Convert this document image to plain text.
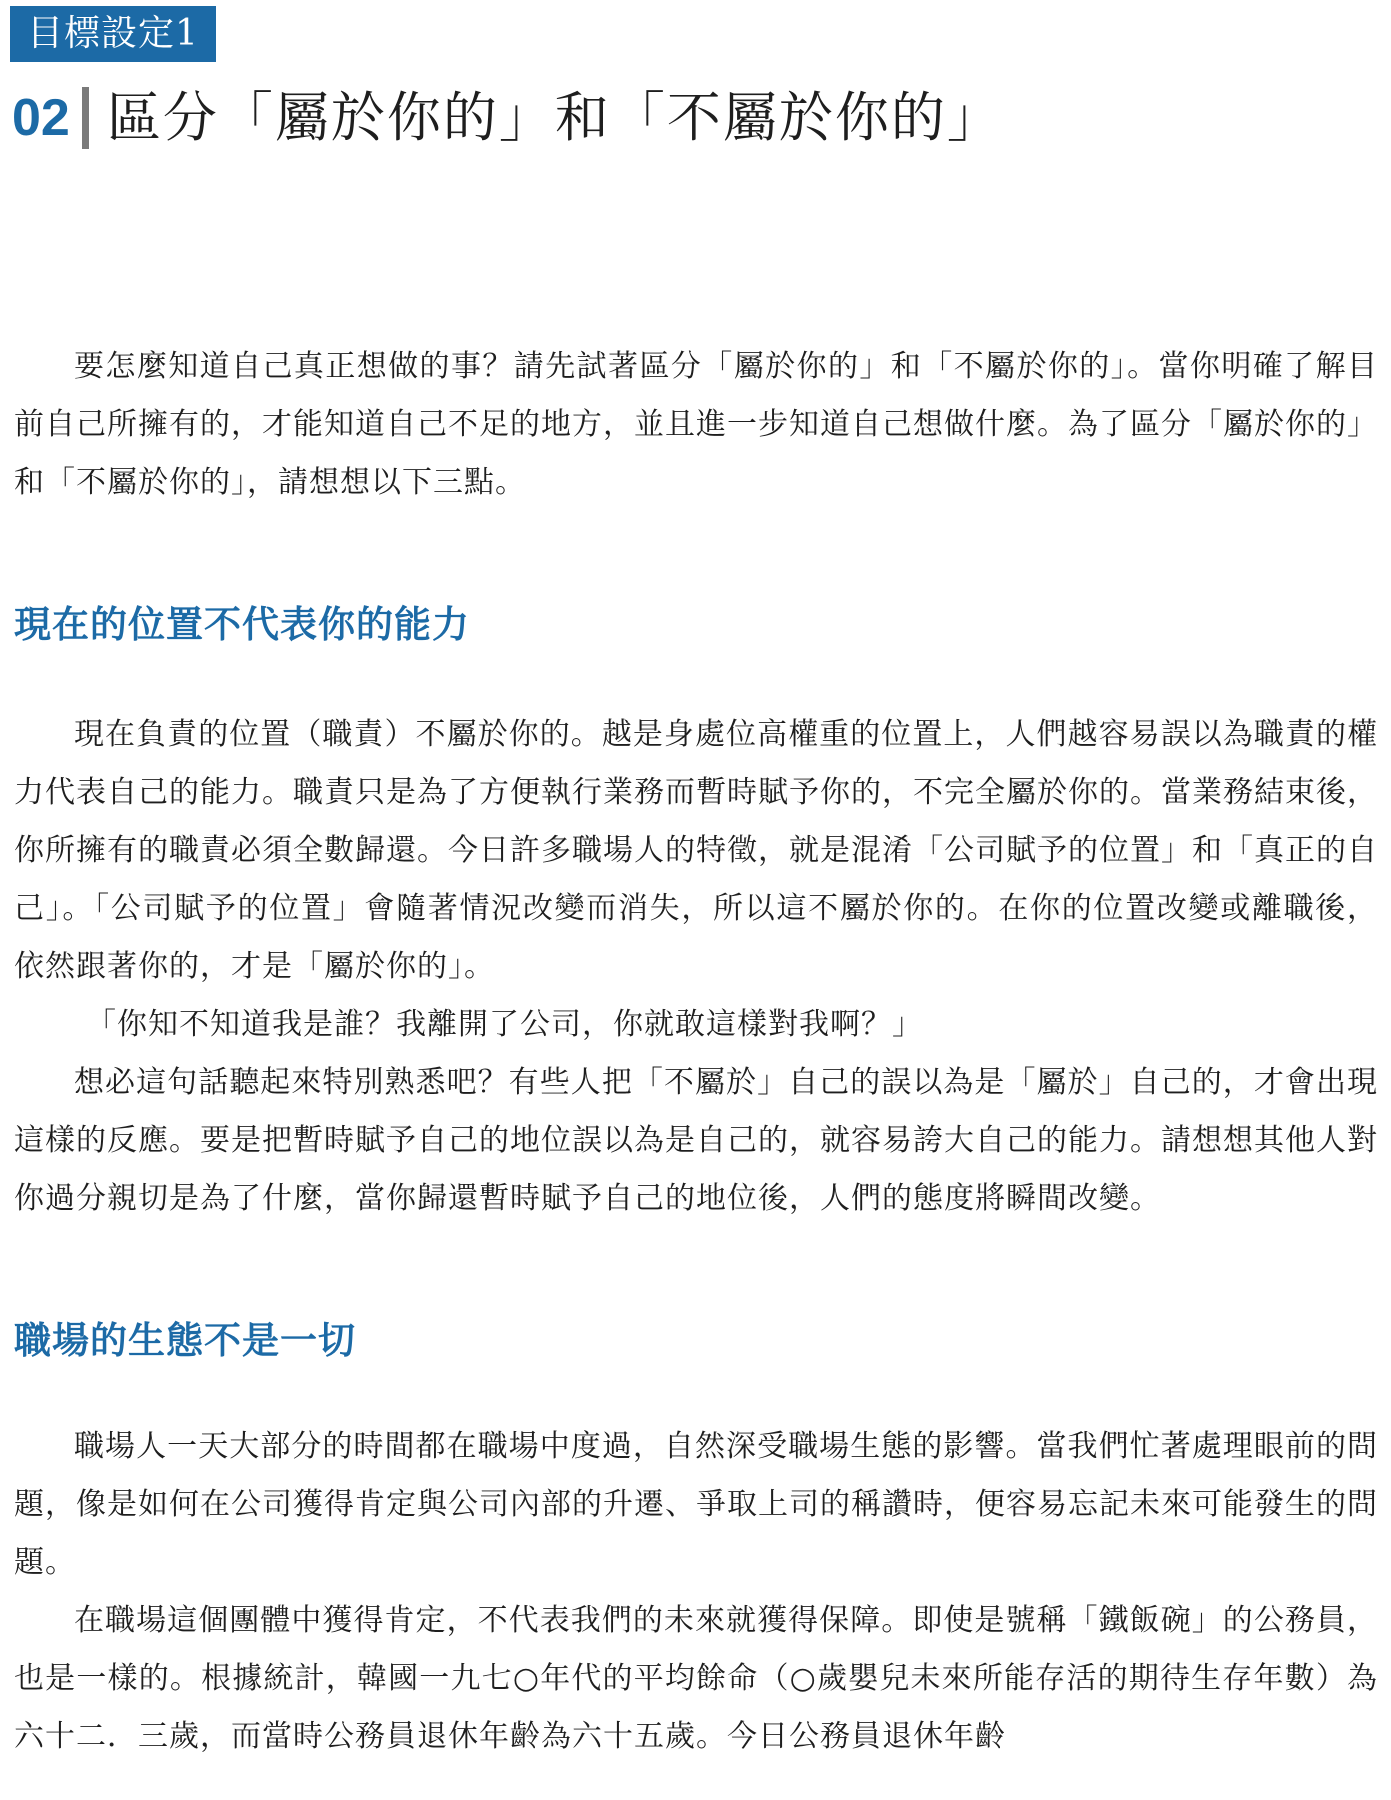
目標設定1
02 區分「屬於你的」和「不屬於你的」

要怎麼知道自己真正想做的事？請先試著區分「屬於你的」和「不屬於你的」。當你明確了解目前自己所擁有的，才能知道自己不足的地方，並且進一步知道自己想做什麼。為了區分「屬於你的」和「不屬於你的」，請想想以下三點。

現在的位置不代表你的能力

現在負責的位置（職責）不屬於你的。越是身處位高權重的位置上，人們越容易誤以為職責的權力代表自己的能力。職責只是為了方便執行業務而暫時賦予你的，不完全屬於你的。當業務結束後，你所擁有的職責必須全數歸還。今日許多職場人的特徵，就是混淆「公司賦予的位置」和「真正的自己」。「公司賦予的位置」會隨著情況改變而消失，所以這不屬於你的。在你的位置改變或離職後，依然跟著你的，才是「屬於你的」。

「你知不知道我是誰？我離開了公司，你就敢這樣對我啊？」

想必這句話聽起來特別熟悉吧？有些人把「不屬於」自己的誤以為是「屬於」自己的，才會出現這樣的反應。要是把暫時賦予自己的地位誤以為是自己的，就容易誇大自己的能力。請想想其他人對你過分親切是為了什麼，當你歸還暫時賦予自己的地位後，人們的態度將瞬間改變。

職場的生態不是一切

職場人一天大部分的時間都在職場中度過，自然深受職場生態的影響。當我們忙著處理眼前的問題，像是如何在公司獲得肯定與公司內部的升遷、爭取上司的稱讚時，便容易忘記未來可能發生的問題。

在職場這個團體中獲得肯定，不代表我們的未來就獲得保障。即使是號稱「鐵飯碗」的公務員，也是一樣的。根據統計，韓國一九七○年代的平均餘命（○歲嬰兒未來所能存活的期待生存年數）為六十二．三歲，而當時公務員退休年齡為六十五歲。今日公務員退休年齡
